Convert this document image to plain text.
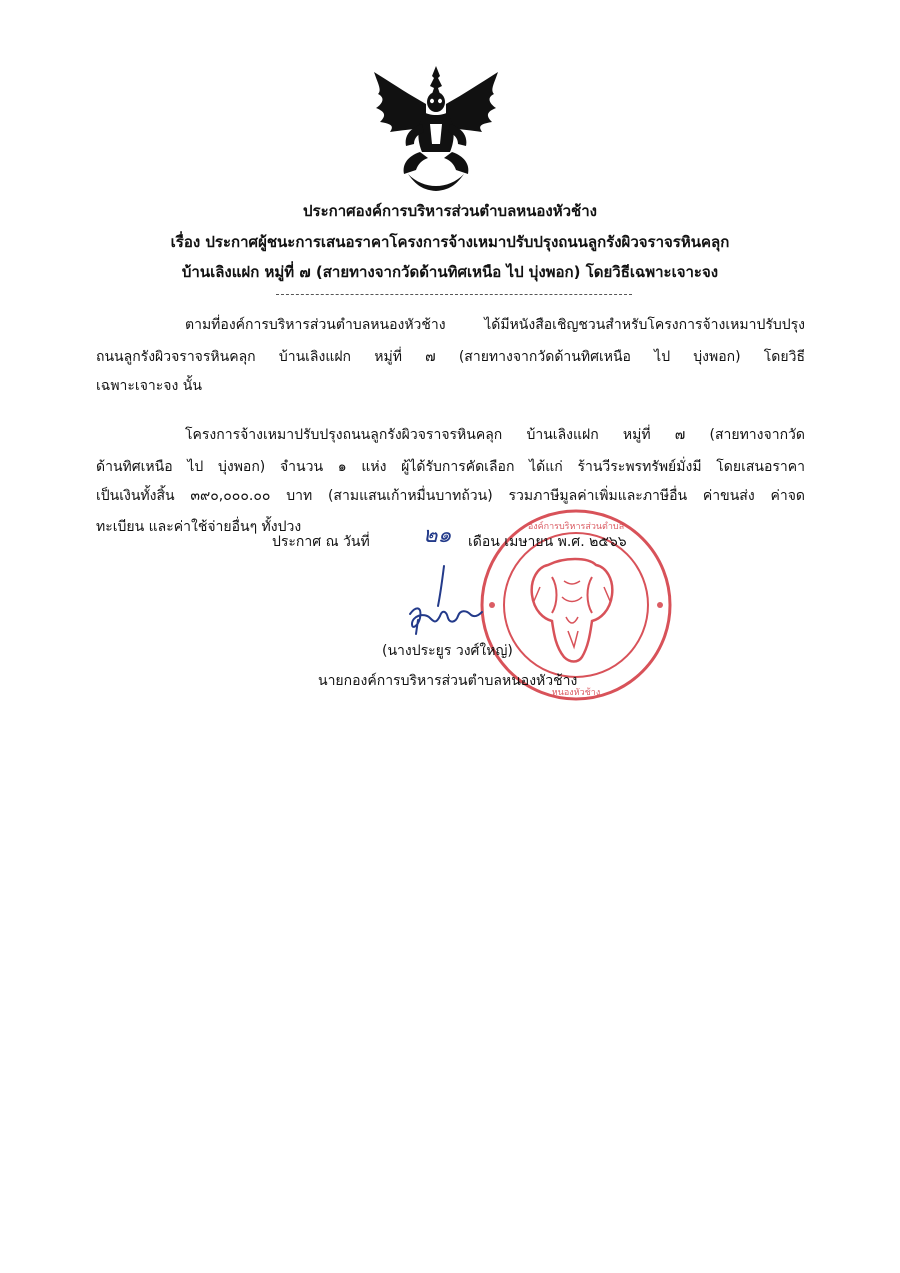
ประกาศองค์การบริหารส่วนตำบลหนองหัวช้าง
เรื่อง ประกาศผู้ชนะการเสนอราคาโครงการจ้างเหมาปรับปรุงถนนลูกรังผิวจราจรหินคลุก
บ้านเลิงแฝก หมู่ที่ ๗ (สายทางจากวัดด้านทิศเหนือ ไป บุ่งพอก) โดยวิธีเฉพาะเจาะจง
ตามที่องค์การบริหารส่วนตำบลหนองหัวช้าง ได้มีหนังสือเชิญชวนสำหรับโครงการจ้างเหมาปรับปรุง
ถนนลูกรังผิวจราจรหินคลุก บ้านเลิงแฝก หมู่ที่ ๗ (สายทางจากวัดด้านทิศเหนือ ไป บุ่งพอก) โดยวิธี
เฉพาะเจาะจง นั้น
โครงการจ้างเหมาปรับปรุงถนนลูกรังผิวจราจรหินคลุก บ้านเลิงแฝก หมู่ที่ ๗ (สายทางจากวัด
ด้านทิศเหนือ ไป บุ่งพอก) จำนวน ๑ แห่ง ผู้ได้รับการคัดเลือก ได้แก่ ร้านวีระพรทรัพย์มั่งมี โดยเสนอราคา
เป็นเงินทั้งสิ้น ๓๙๐,๐๐๐.๐๐ บาท (สามแสนเก้าหมื่นบาทถ้วน) รวมภาษีมูลค่าเพิ่มและภาษีอื่น ค่าขนส่ง ค่าจด
ทะเบียน และค่าใช้จ่ายอื่นๆ ทั้งปวง	องค์การบริหารส่วนตำบล
หนองหัวช้าง
ประกาศ ณ วันที่ ๒๑ เดือน เมษายน พ.ศ. ๒๕๖๖
(นางประยูร วงศ์ใหญ่)
นายกองค์การบริหารส่วนตำบลหนองหัวช้าง
